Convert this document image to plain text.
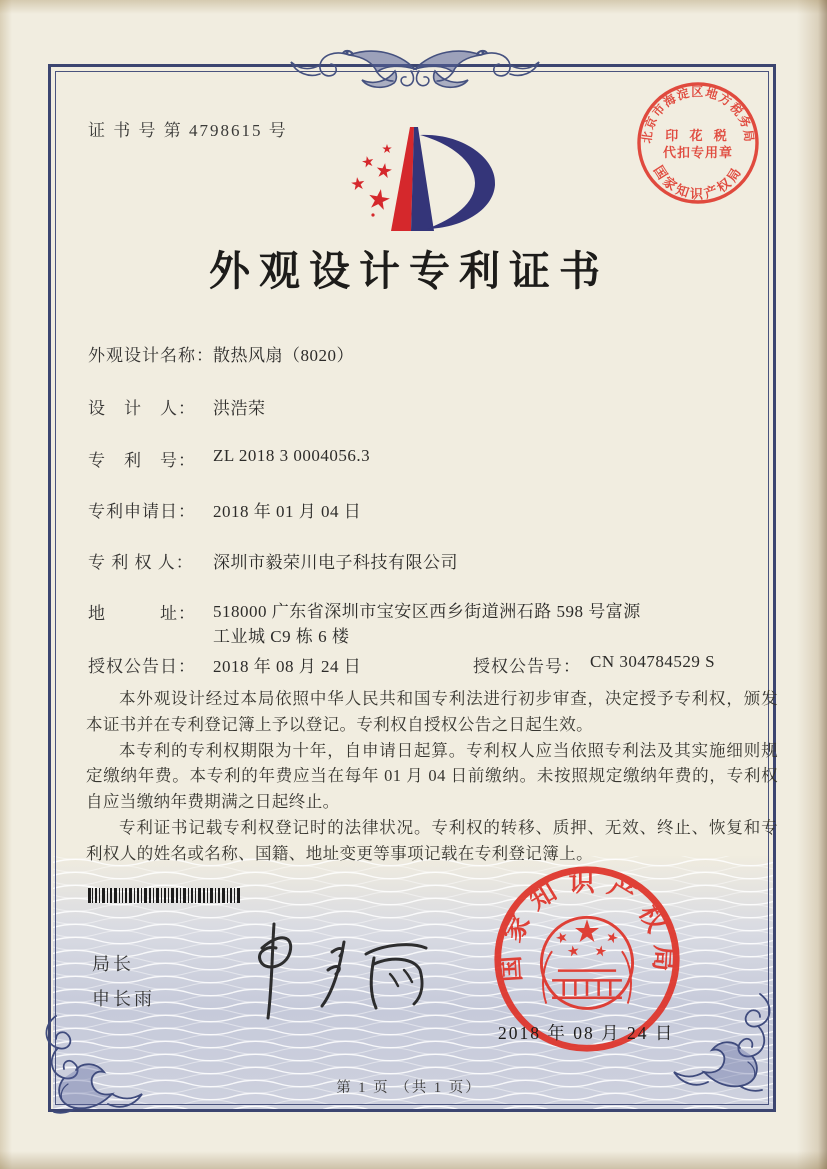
证 书 号 第 4798615 号	北京市海淀区地方税务局
印 花 税
代扣专用章
国家知识产权局
外观设计专利证书
外观设计名称： 散热风扇（8020）
设　计　人： 洪浩荣
专　利　号： ZL 2018 3 0004056.3
专利申请日： 2018 年 01 月 04 日
专 利 权 人： 深圳市毅荣川电子科技有限公司
地　　　址： 518000 广东省深圳市宝安区西乡街道洲石路 598 号富源工业城 C9 栋 6 楼
授权公告日： 2018 年 08 月 24 日	授权公告号： CN 304784529 S

本外观设计经过本局依照中华人民共和国专利法进行初步审查，决定授予专利权，颁发本证书并在专利登记簿上予以登记。专利权自授权公告之日起生效。

本专利的专利权期限为十年，自申请日起算。专利权人应当依照专利法及其实施细则规定缴纳年费。本专利的年费应当在每年 01 月 04 日前缴纳。未按照规定缴纳年费的，专利权自应当缴纳年费期满之日起终止。

专利证书记载专利权登记时的法律状况。专利权的转移、质押、无效、终止、恢复和专利权人的姓名或名称、国籍、地址变更等事项记载在专利登记簿上。

局长
申长雨
国家知识产权局
2018 年 08 月 24 日
第 1 页 （共 1 页）
